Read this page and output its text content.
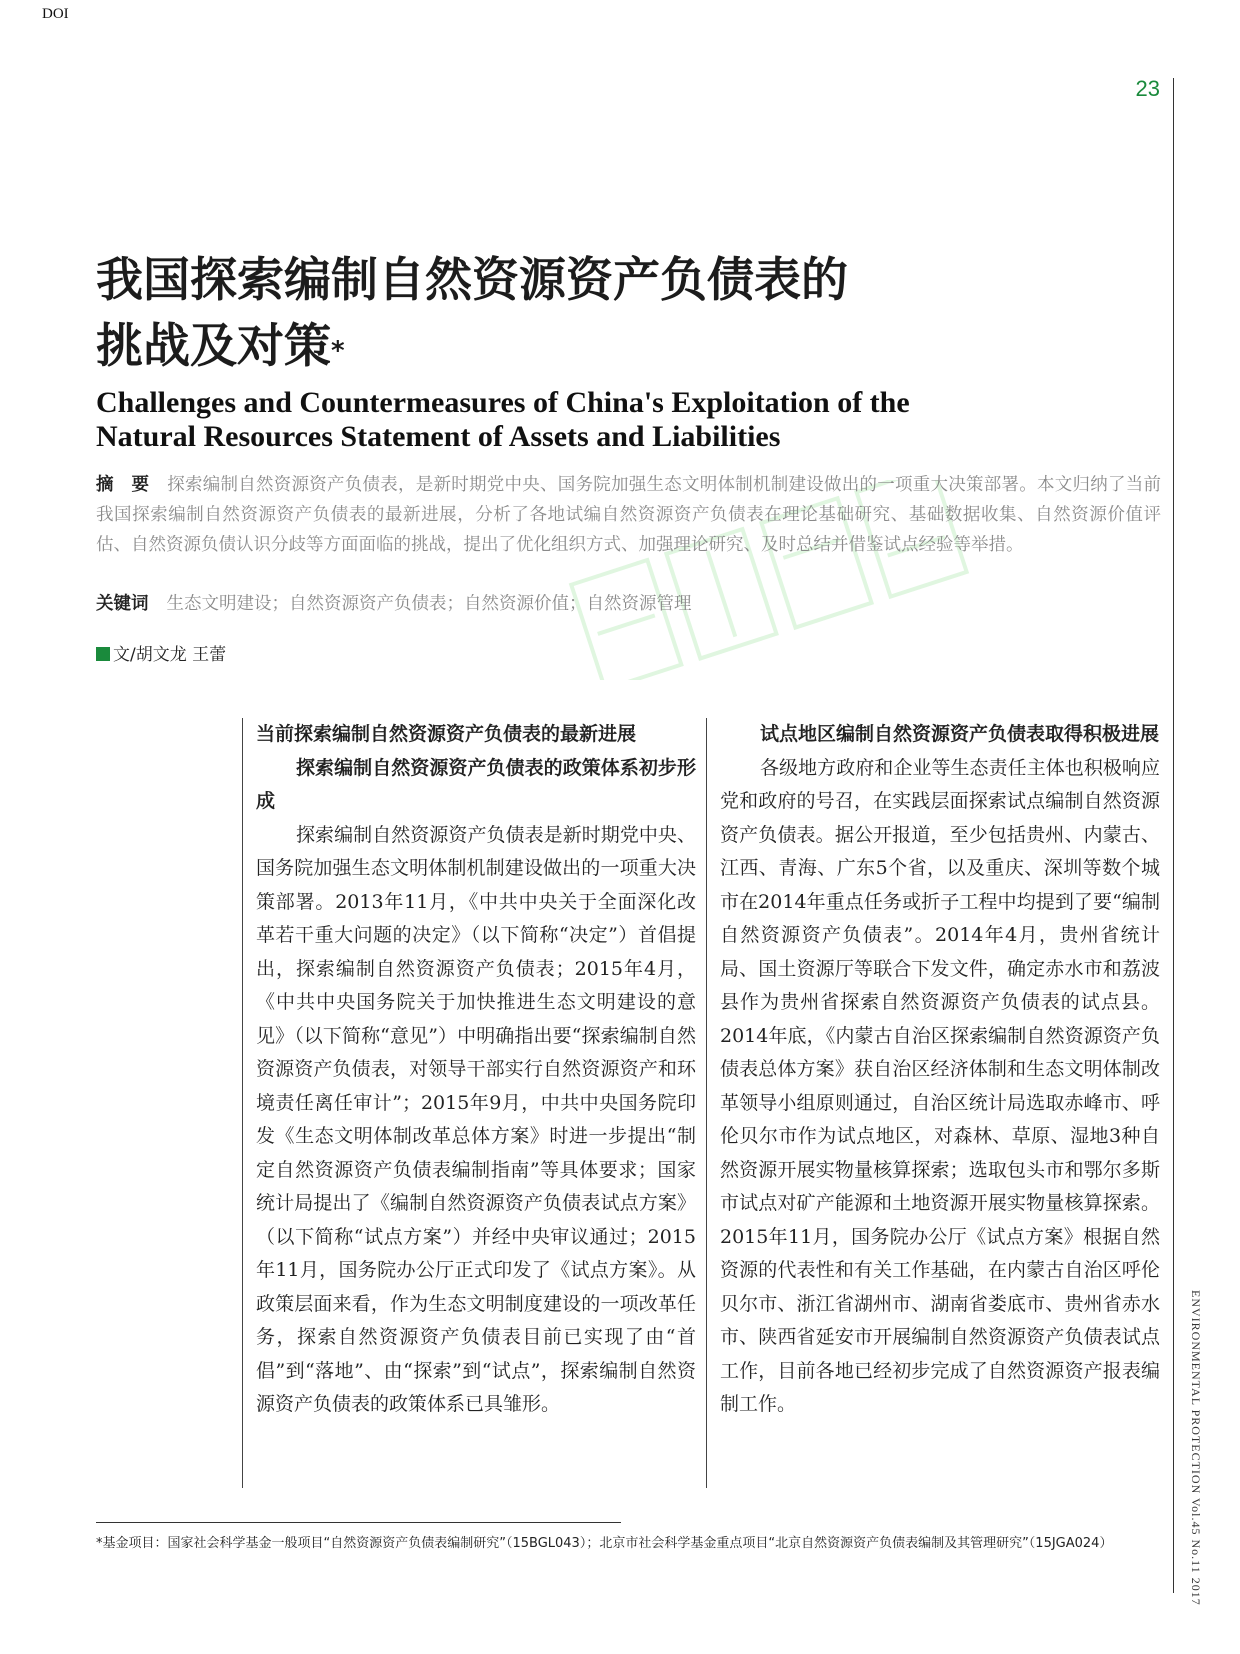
DOI
23
ENVIRONMENTAL PROTECTION Vol.45 No.11 2017
我国探索编制自然资源资产负债表的
挑战及对策*
Challenges and Countermeasures of China's Exploitation of the
Natural Resources Statement of Assets and Liabilities
摘　要 探索编制自然资源资产负债表，是新时期党中央、国务院加强生态文明体制机制建设做出的一项重大决策部署。本文归纳了当前我国探索编制自然资源资产负债表的最新进展，分析了各地试编自然资源资产负债表在理论基础研究、基础数据收集、自然资源价值评估、自然资源负债认识分歧等方面面临的挑战，提出了优化组织方式、加强理论研究、及时总结并借鉴试点经验等举措。
关键词 生态文明建设；自然资源资产负债表；自然资源价值；自然资源管理
文/胡文龙 王蕾
当前探索编制自然资源资产负债表的最新进展
探索编制自然资源资产负债表的政策体系初步形成

探索编制自然资源资产负债表是新时期党中央、国务院加强生态文明体制机制建设做出的一项重大决策部署。2013年11月，《中共中央关于全面深化改革若干重大问题的决定》（以下简称“决定”）首倡提出，探索编制自然资源资产负债表；2015年4月，《中共中央国务院关于加快推进生态文明建设的意见》（以下简称“意见”）中明确指出要“探索编制自然资源资产负债表，对领导干部实行自然资源资产和环境责任离任审计”；2015年9月，中共中央国务院印发《生态文明体制改革总体方案》时进一步提出“制定自然资源资产负债表编制指南”等具体要求；国家统计局提出了《编制自然资源资产负债表试点方案》（以下简称“试点方案”）并经中央审议通过；2015年11月，国务院办公厅正式印发了《试点方案》。从政策层面来看，作为生态文明制度建设的一项改革任务，探索自然资源资产负债表目前已实现了由“首倡”到“落地”、由“探索”到“试点”，探索编制自然资源资产负债表的政策体系已具雏形。

试点地区编制自然资源资产负债表取得积极进展

各级地方政府和企业等生态责任主体也积极响应党和政府的号召，在实践层面探索试点编制自然资源资产负债表。据公开报道，至少包括贵州、内蒙古、江西、青海、广东5个省，以及重庆、深圳等数个城市在2014年重点任务或折子工程中均提到了要“编制自然资源资产负债表”。2014年4月，贵州省统计局、国土资源厅等联合下发文件，确定赤水市和荔波县作为贵州省探索自然资源资产负债表的试点县。2014年底，《内蒙古自治区探索编制自然资源资产负债表总体方案》获自治区经济体制和生态文明体制改革领导小组原则通过，自治区统计局选取赤峰市、呼伦贝尔市作为试点地区，对森林、草原、湿地3种自然资源开展实物量核算探索；选取包头市和鄂尔多斯市试点对矿产能源和土地资源开展实物量核算探索。2015年11月，国务院办公厅《试点方案》根据自然资源的代表性和有关工作基础，在内蒙古自治区呼伦贝尔市、浙江省湖州市、湖南省娄底市、贵州省赤水市、陕西省延安市开展编制自然资源资产负债表试点工作，目前各地已经初步完成了自然资源资产报表编制工作。

*基金项目：国家社会科学基金一般项目“自然资源资产负债表编制研究”（15BGL043）；北京市社会科学基金重点项目“北京自然资源资产负债表编制及其管理研究”（15JGA024）
